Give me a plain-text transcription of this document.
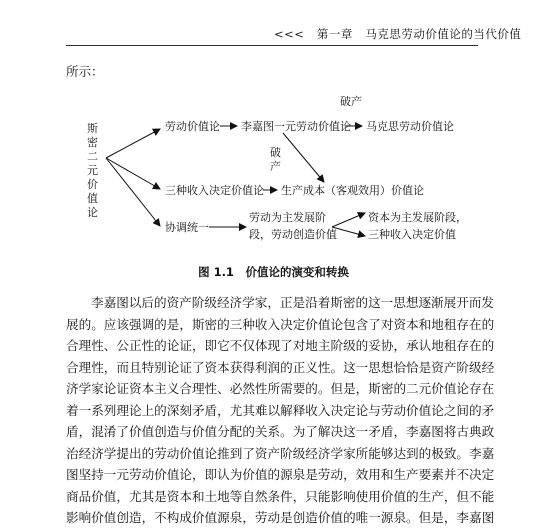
<<< 第一章 马克思劳动价值论的当代价值
所示：
斯
密
二
元
价
值
论
劳动价值论 李嘉图一元劳动价值论
破产
马克思劳动价值论
破
产
三种收入决定价值论 生产成本（客观效用）价值论
协调统一
劳动为主发展阶
段，劳动创造价值
资本为主发展阶段，
三种收入决定价值
图 1.1　价值论的演变和转换
李嘉图以后的资产阶级经济学家，正是沿着斯密的这一思想逐渐展开而发
展的。应该强调的是，斯密的三种收入决定价值论包含了对资本和地租存在的
合理性、公正性的论证，即它不仅体现了对地主阶级的妥协，承认地租存在的
合理性，而且特别论证了资本获得利润的正义性。这一思想恰恰是资产阶级经
济学家论证资本主义合理性、必然性所需要的。但是，斯密的二元价值论存在
着一系列理论上的深刻矛盾，尤其难以解释收入决定论与劳动价值论之间的矛
盾，混淆了价值创造与价值分配的关系。为了解决这一矛盾，李嘉图将古典政
治经济学提出的劳动价值论推到了资产阶级经济学家所能够达到的极致。李嘉
图坚持一元劳动价值论，即认为价值的源泉是劳动，效用和生产要素并不决定
商品价值，尤其是资本和土地等自然条件，只能影响使用价值的生产，但不能
影响价值创造，不构成价值源泉，劳动是创造价值的唯一源泉。但是，李嘉图
